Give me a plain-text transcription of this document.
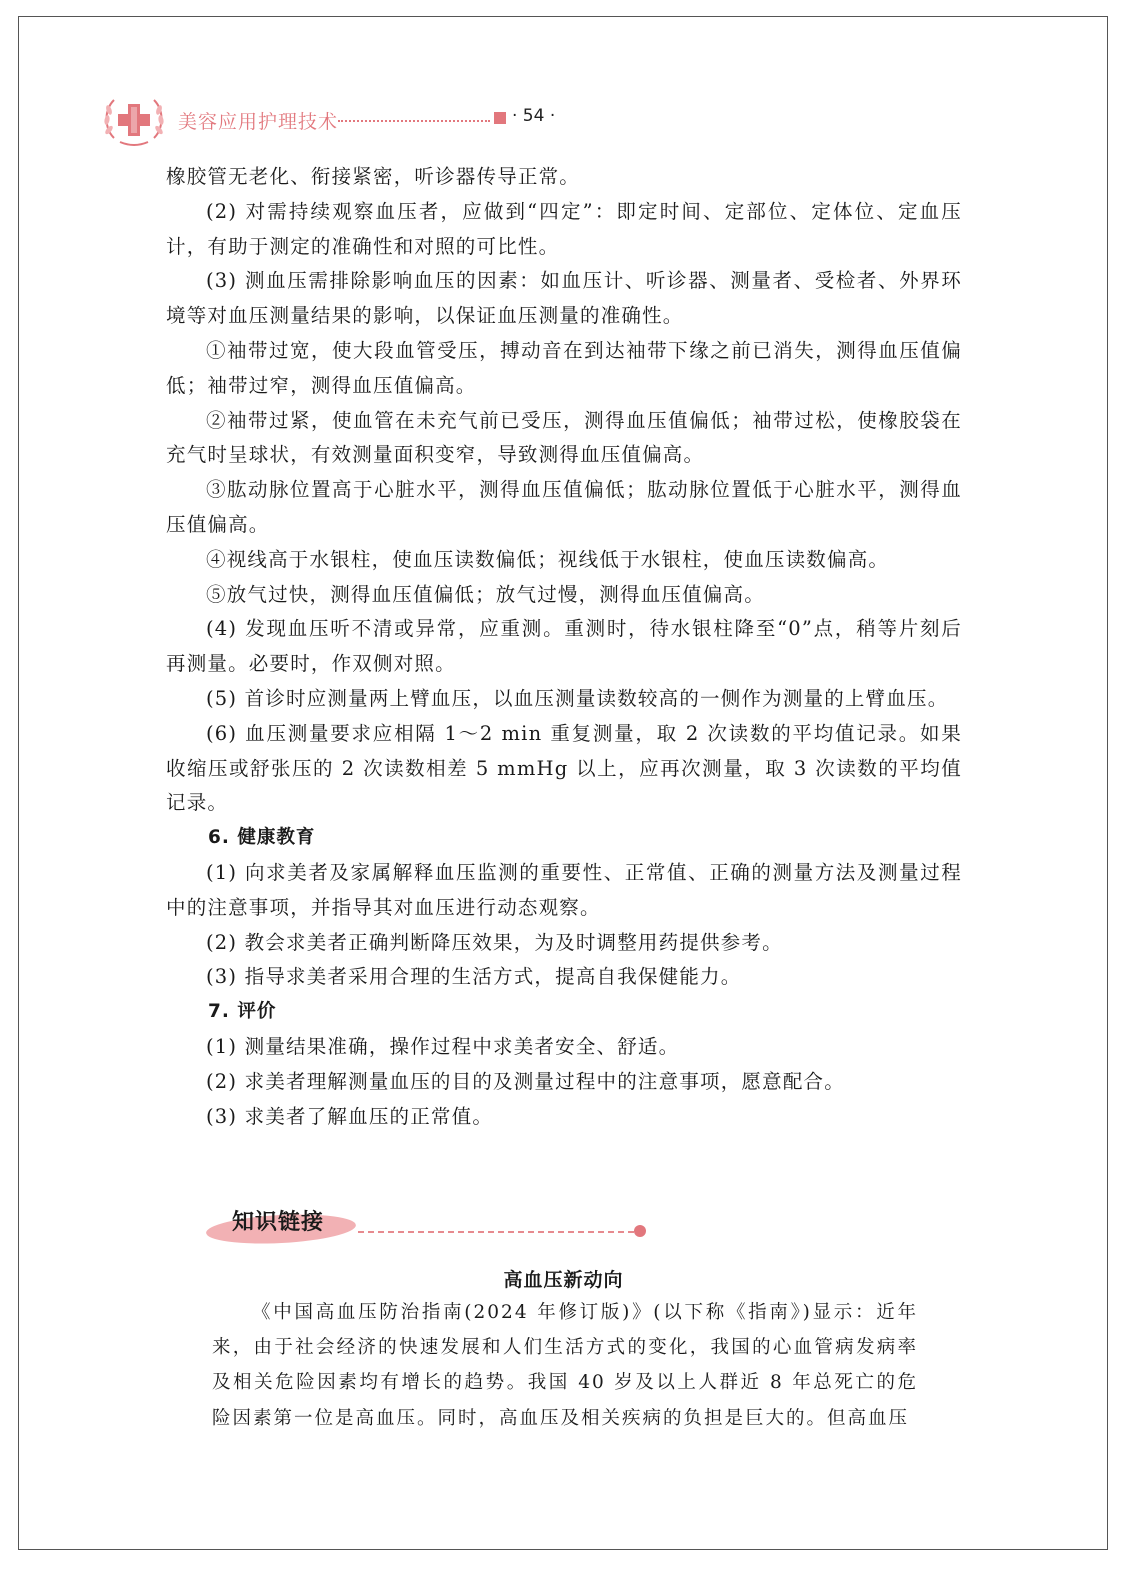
美容应用护理技术	· 54 ·

橡胶管无老化、衔接紧密，听诊器传导正常。

(2) 对需持续观察血压者，应做到“四定”：即定时间、定部位、定体位、定血压计，有助于测定的准确性和对照的可比性。

(3) 测血压需排除影响血压的因素：如血压计、听诊器、测量者、受检者、外界环境等对血压测量结果的影响，以保证血压测量的准确性。

①袖带过宽，使大段血管受压，搏动音在到达袖带下缘之前已消失，测得血压值偏低；袖带过窄，测得血压值偏高。

②袖带过紧，使血管在未充气前已受压，测得血压值偏低；袖带过松，使橡胶袋在充气时呈球状，有效测量面积变窄，导致测得血压值偏高。

③肱动脉位置高于心脏水平，测得血压值偏低；肱动脉位置低于心脏水平，测得血压值偏高。

④视线高于水银柱，使血压读数偏低；视线低于水银柱，使血压读数偏高。

⑤放气过快，测得血压值偏低；放气过慢，测得血压值偏高。

(4) 发现血压听不清或异常，应重测。重测时，待水银柱降至“0”点，稍等片刻后再测量。必要时，作双侧对照。

(5) 首诊时应测量两上臂血压，以血压测量读数较高的一侧作为测量的上臂血压。

(6) 血压测量要求应相隔 1～2 min 重复测量，取 2 次读数的平均值记录。如果收缩压或舒张压的 2 次读数相差 5 mmHg 以上，应再次测量，取 3 次读数的平均值记录。

6. 健康教育

(1) 向求美者及家属解释血压监测的重要性、正常值、正确的测量方法及测量过程中的注意事项，并指导其对血压进行动态观察。

(2) 教会求美者正确判断降压效果，为及时调整用药提供参考。

(3) 指导求美者采用合理的生活方式，提高自我保健能力。

7. 评价

(1) 测量结果准确，操作过程中求美者安全、舒适。

(2) 求美者理解测量血压的目的及测量过程中的注意事项，愿意配合。

(3) 求美者了解血压的正常值。

知识链接
高血压新动向

《中国高血压防治指南(2024 年修订版)》(以下称《指南》)显示：近年来，由于社会经济的快速发展和人们生活方式的变化，我国的心血管病发病率及相关危险因素均有增长的趋势。我国 40 岁及以上人群近 8 年总死亡的危险因素第一位是高血压。同时，高血压及相关疾病的负担是巨大的。但高血压
